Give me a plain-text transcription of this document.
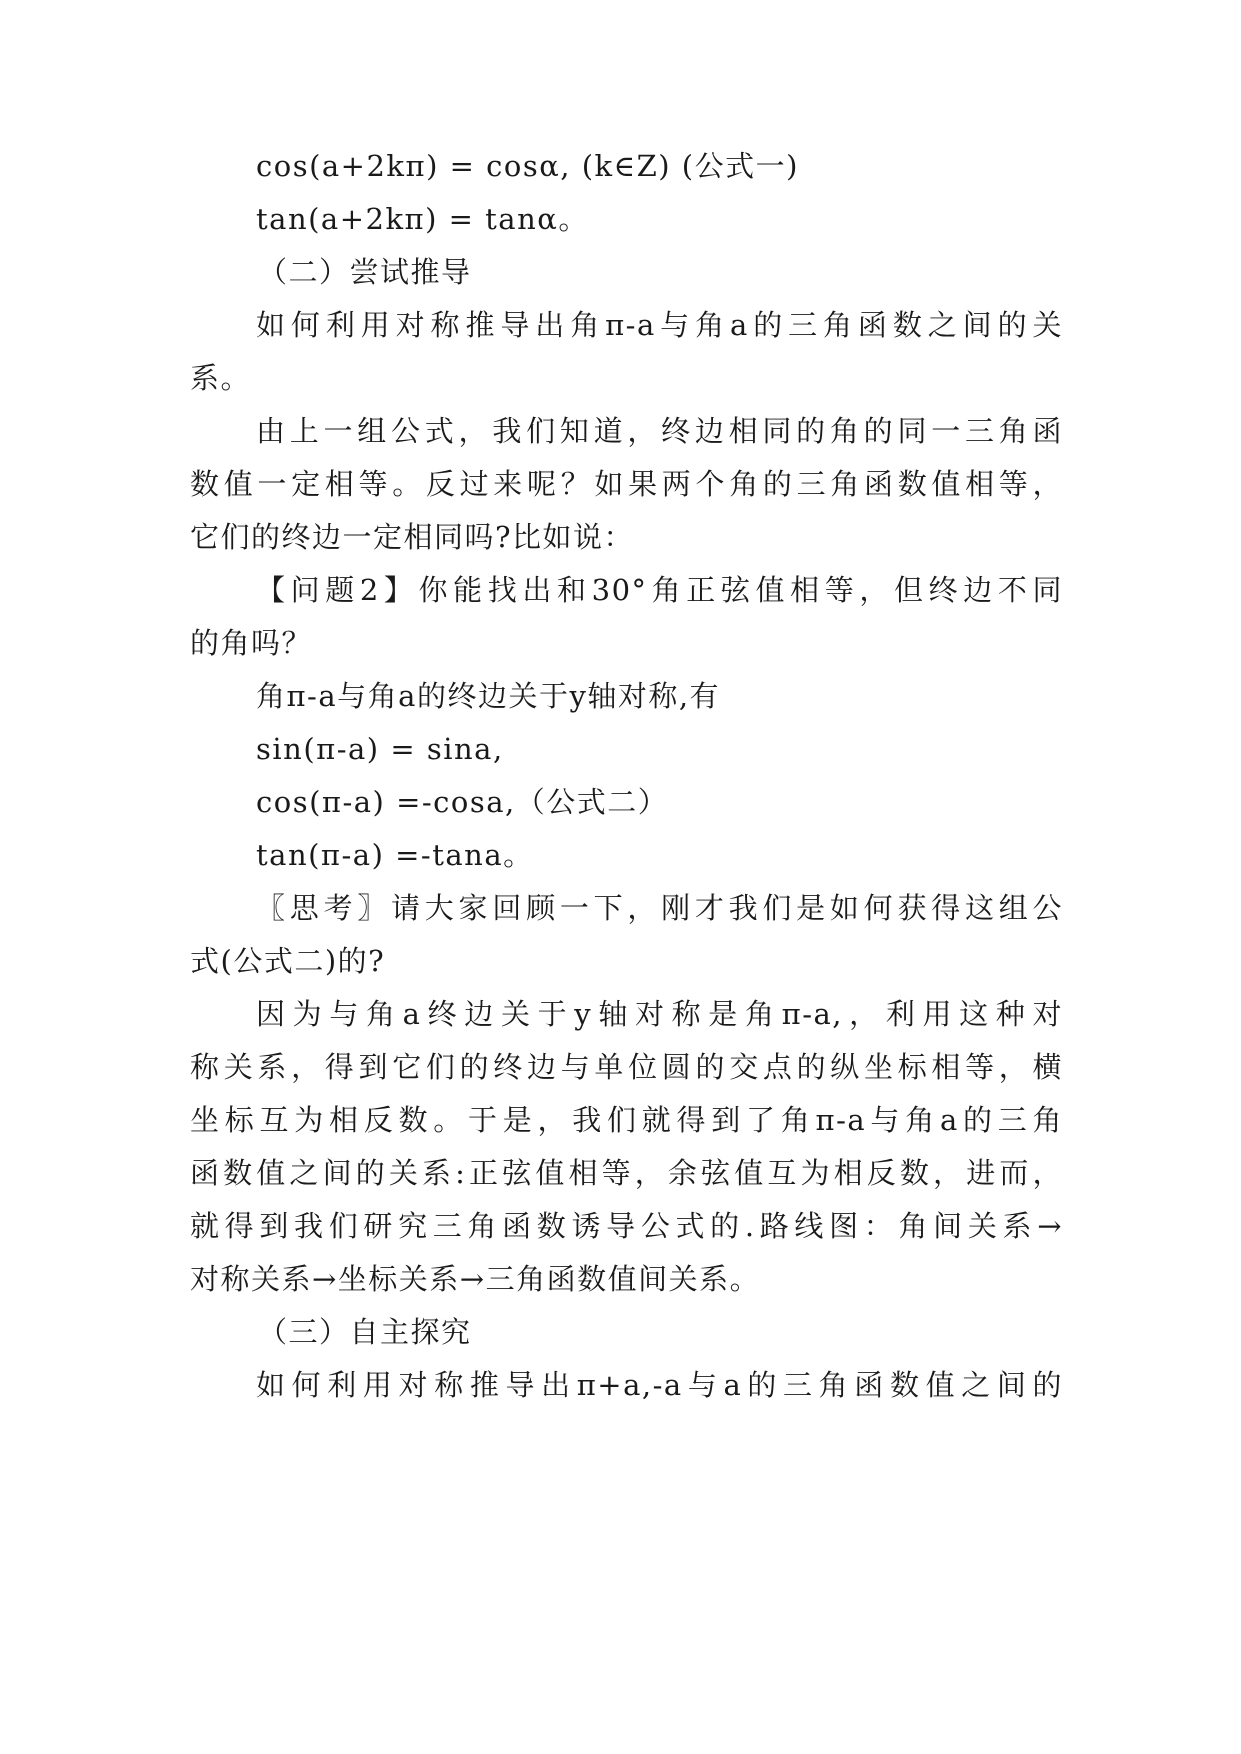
cos(a+2kπ) = cosα, (k∈Z) (公式一)
tan(a+2kπ) = tanα。
（二）尝试推导
如何利用对称推导出角π-a与角a的三角函数之间的关
系。
由上一组公式，我们知道，终边相同的角的同一三角函
数值一定相等。反过来呢？如果两个角的三角函数值相等，
它们的终边一定相同吗?比如说：
【问题2】你能找出和30°角正弦值相等，但终边不同
的角吗？
角π-a与角a的终边关于y轴对称,有
sin(π-a) = sina,
cos(π-a) =-cosa,（公式二）
tan(π-a) =-tana。
〖思考〗请大家回顾一下，刚才我们是如何获得这组公
式(公式二)的?
因为与角a终边关于y轴对称是角π-a,，利用这种对
称关系，得到它们的终边与单位圆的交点的纵坐标相等，横
坐标互为相反数。于是，我们就得到了角π-a与角a的三角
函数值之间的关系:正弦值相等，余弦值互为相反数，进而，
就得到我们研究三角函数诱导公式的.路线图：角间关系→
对称关系→坐标关系→三角函数值间关系。
（三）自主探究
如何利用对称推导出π+a,-a与a的三角函数值之间的
